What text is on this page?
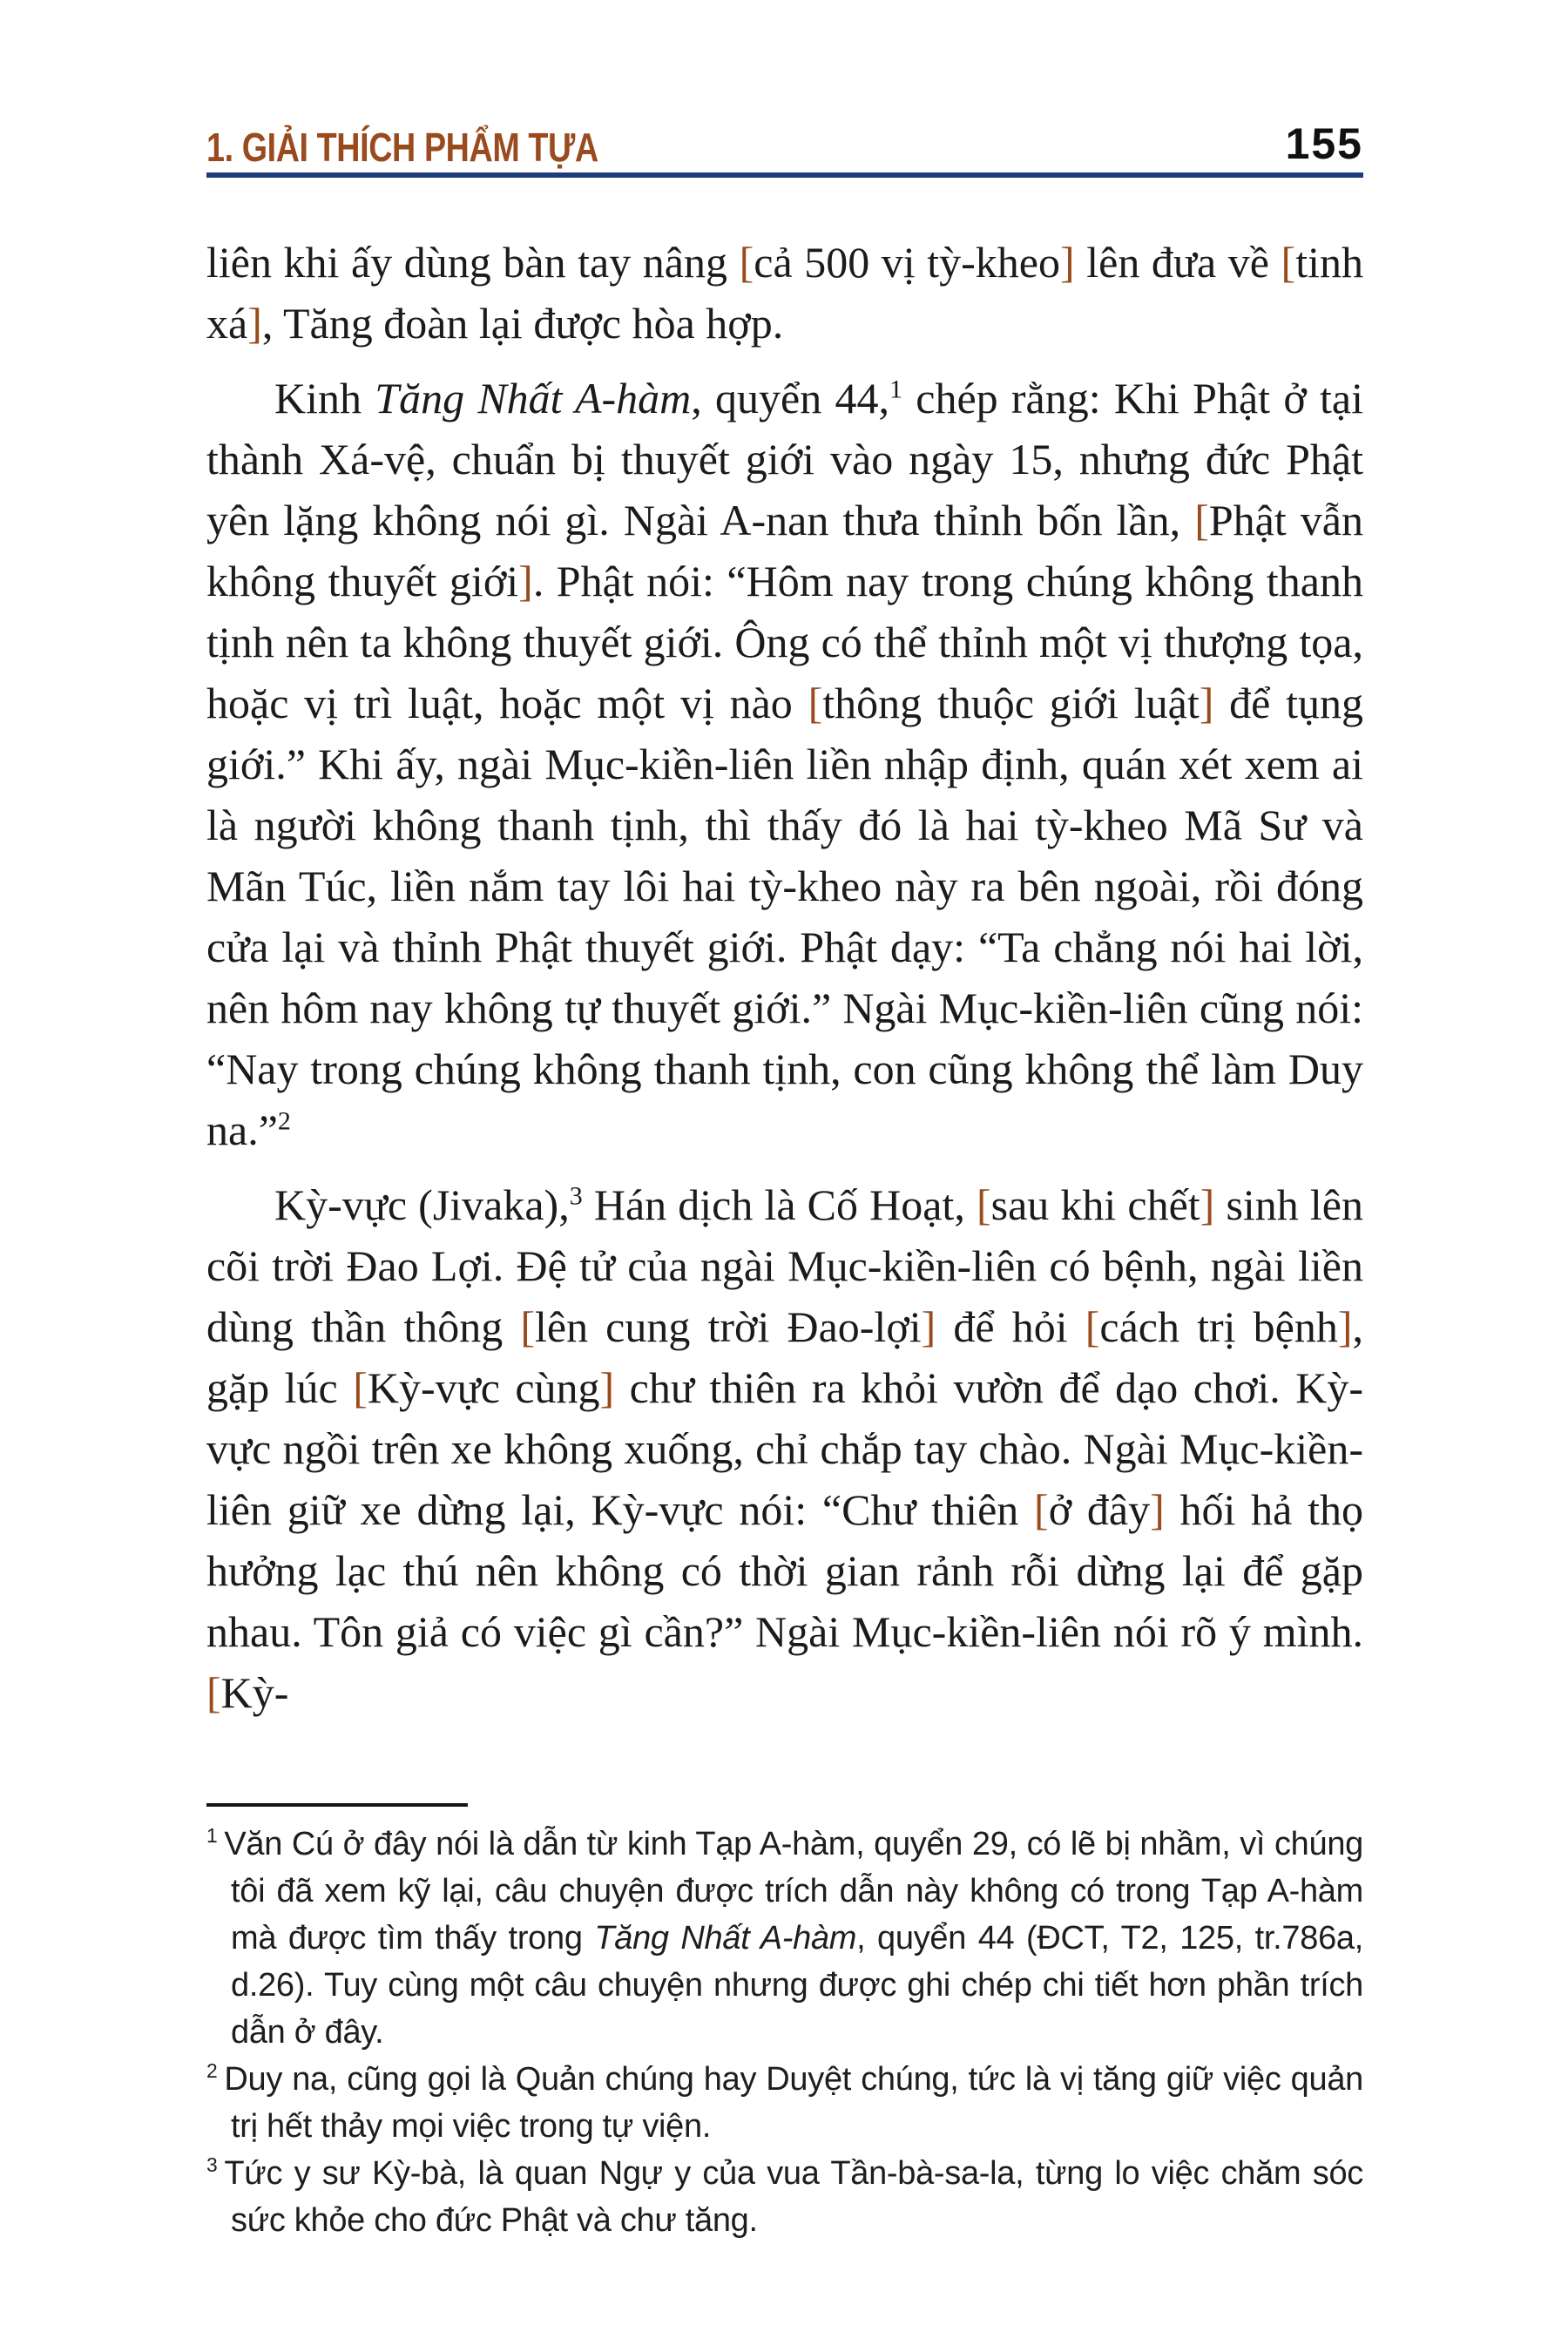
1. GIẢI THÍCH PHẨM TỰA	155

liên khi ấy dùng bàn tay nâng [cả 500 vị tỳ-kheo] lên đưa về [tinh xá], Tăng đoàn lại được hòa hợp.

Kinh Tăng Nhất A-hàm, quyển 44,$^1$ chép rằng: Khi Phật ở tại thành Xá-vệ, chuẩn bị thuyết giới vào ngày 15, nhưng đức Phật yên lặng không nói gì. Ngài A-nan thưa thỉnh bốn lần, [Phật vẫn không thuyết giới]. Phật nói: “Hôm nay trong chúng không thanh tịnh nên ta không thuyết giới. Ông có thể thỉnh một vị thượng tọa, hoặc vị trì luật, hoặc một vị nào [thông thuộc giới luật] để tụng giới.” Khi ấy, ngài Mục-kiền-liên liền nhập định, quán xét xem ai là người không thanh tịnh, thì thấy đó là hai tỳ-kheo Mã Sư và Mãn Túc, liền nắm tay lôi hai tỳ-kheo này ra bên ngoài, rồi đóng cửa lại và thỉnh Phật thuyết giới. Phật dạy: “Ta chẳng nói hai lời, nên hôm nay không tự thuyết giới.” Ngài Mục-kiền-liên cũng nói: “Nay trong chúng không thanh tịnh, con cũng không thể làm Duy na.”$^2$

Kỳ-vực (Jivaka),$^3$ Hán dịch là Cố Hoạt, [sau khi chết] sinh lên cõi trời Đao Lợi. Đệ tử của ngài Mục-kiền-liên có bệnh, ngài liền dùng thần thông [lên cung trời Đao-lợi] để hỏi [cách trị bệnh], gặp lúc [Kỳ-vực cùng] chư thiên ra khỏi vườn để dạo chơi. Kỳ-vực ngồi trên xe không xuống, chỉ chắp tay chào. Ngài Mục-kiền-liên giữ xe dừng lại, Kỳ-vực nói: “Chư thiên [ở đây] hối hả thọ hưởng lạc thú nên không có thời gian rảnh rỗi dừng lại để gặp nhau. Tôn giả có việc gì cần?” Ngài Mục-kiền-liên nói rõ ý mình. [Kỳ-

$^1$ Văn Cú ở đây nói là dẫn từ kinh Tạp A-hàm, quyển 29, có lẽ bị nhầm, vì chúng tôi đã xem kỹ lại, câu chuyện được trích dẫn này không có trong Tạp A-hàm mà được tìm thấy trong Tăng Nhất A-hàm, quyển 44 (ĐCT, T2, 125, tr.786a, d.26). Tuy cùng một câu chuyện nhưng được ghi chép chi tiết hơn phần trích dẫn ở đây.
$^2$ Duy na, cũng gọi là Quản chúng hay Duyệt chúng, tức là vị tăng giữ việc quản trị hết thảy mọi việc trong tự viện.
$^3$ Tức y sư Kỳ-bà, là quan Ngự y của vua Tần-bà-sa-la, từng lo việc chăm sóc sức khỏe cho đức Phật và chư tăng.
